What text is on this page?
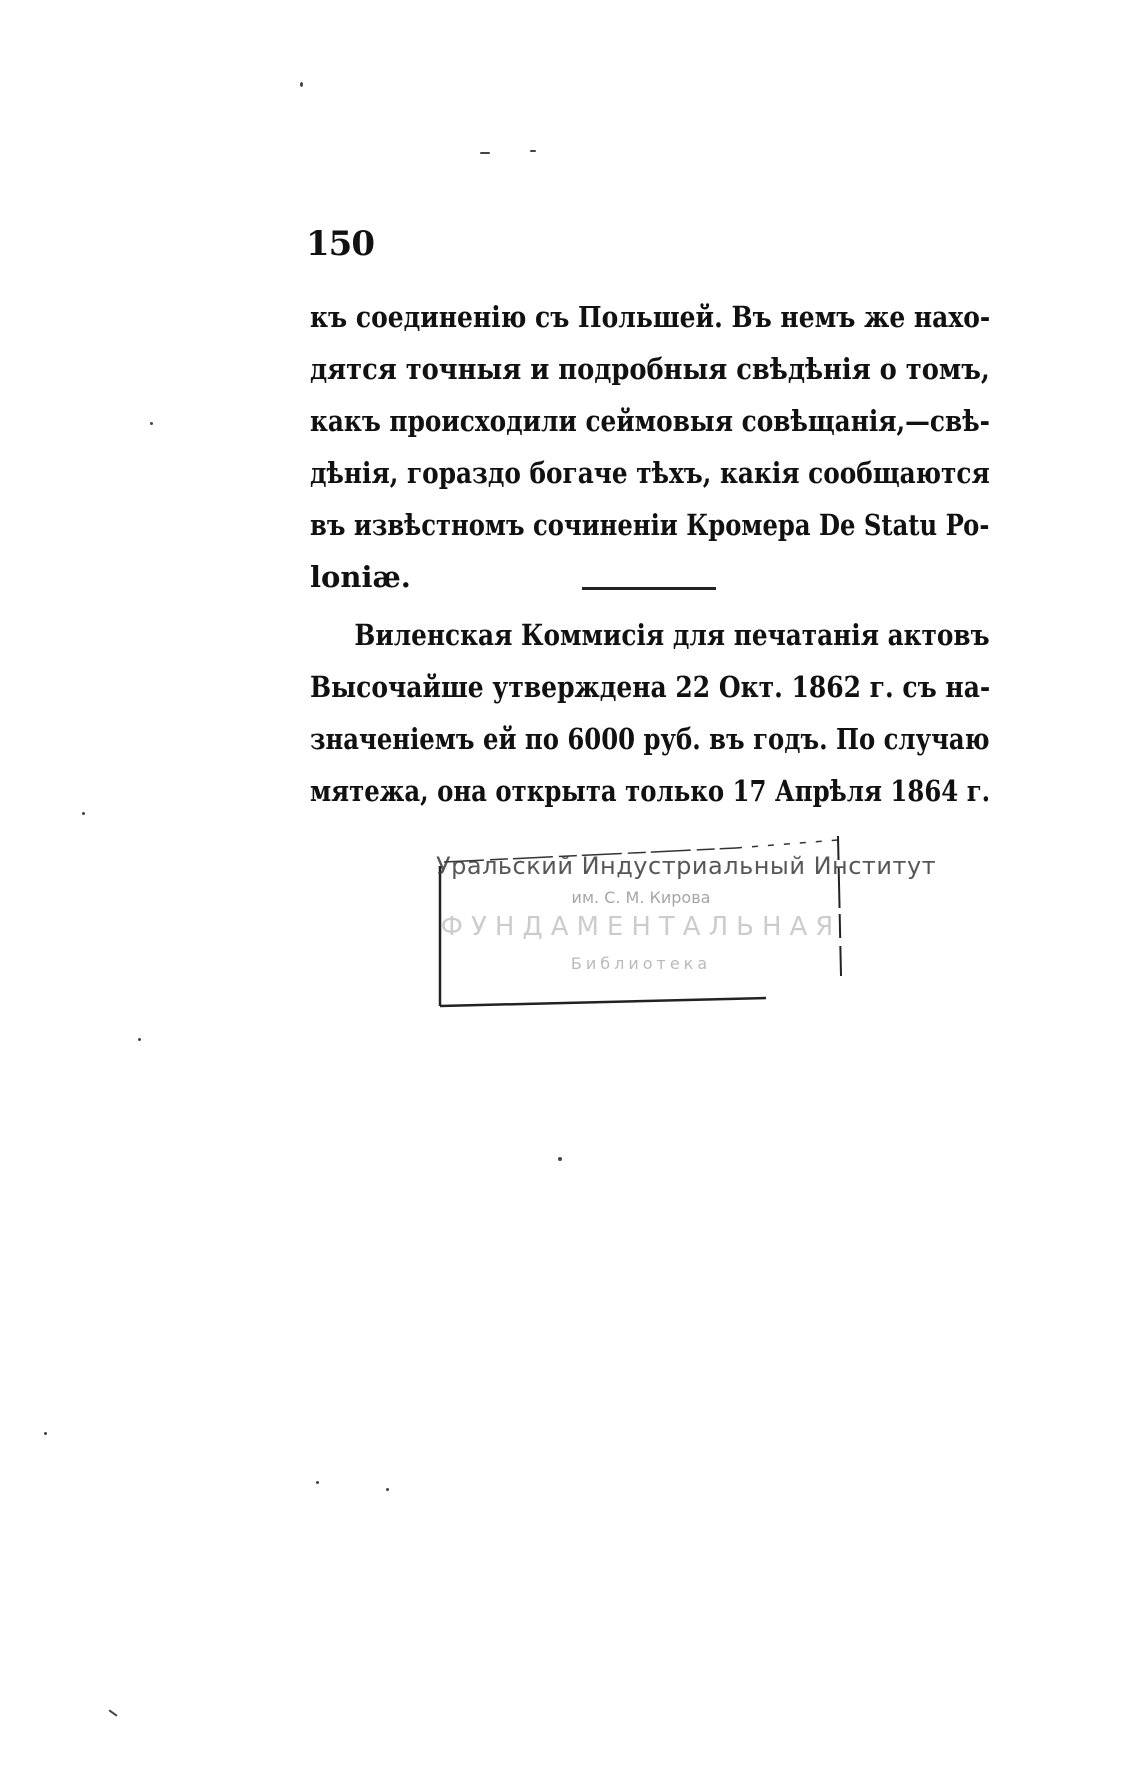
150
къ соединенію съ Польшей. Въ немъ же нахо-
дятся точныя и подробныя свѣдѣнія о томъ,
какъ происходили сеймовыя совѣщанія,—свѣ-
дѣнія, гораздо богаче тѣхъ, какія сообщаются
въ извѣстномъ сочиненіи Кромера De Statu Po-
loniæ.
Виленская Коммисія для печатанія актовъ
Высочайше утверждена 22 Окт. 1862 г. съ на-
значеніемъ ей по 6000 руб. въ годъ. По случаю
мятежа, она открыта только 17 Апрѣля 1864 г.
Уральский Индустриальный Институт
им. С. М. Кирова
ФУНДАМЕНТАЛЬНАЯ
Библиотека
